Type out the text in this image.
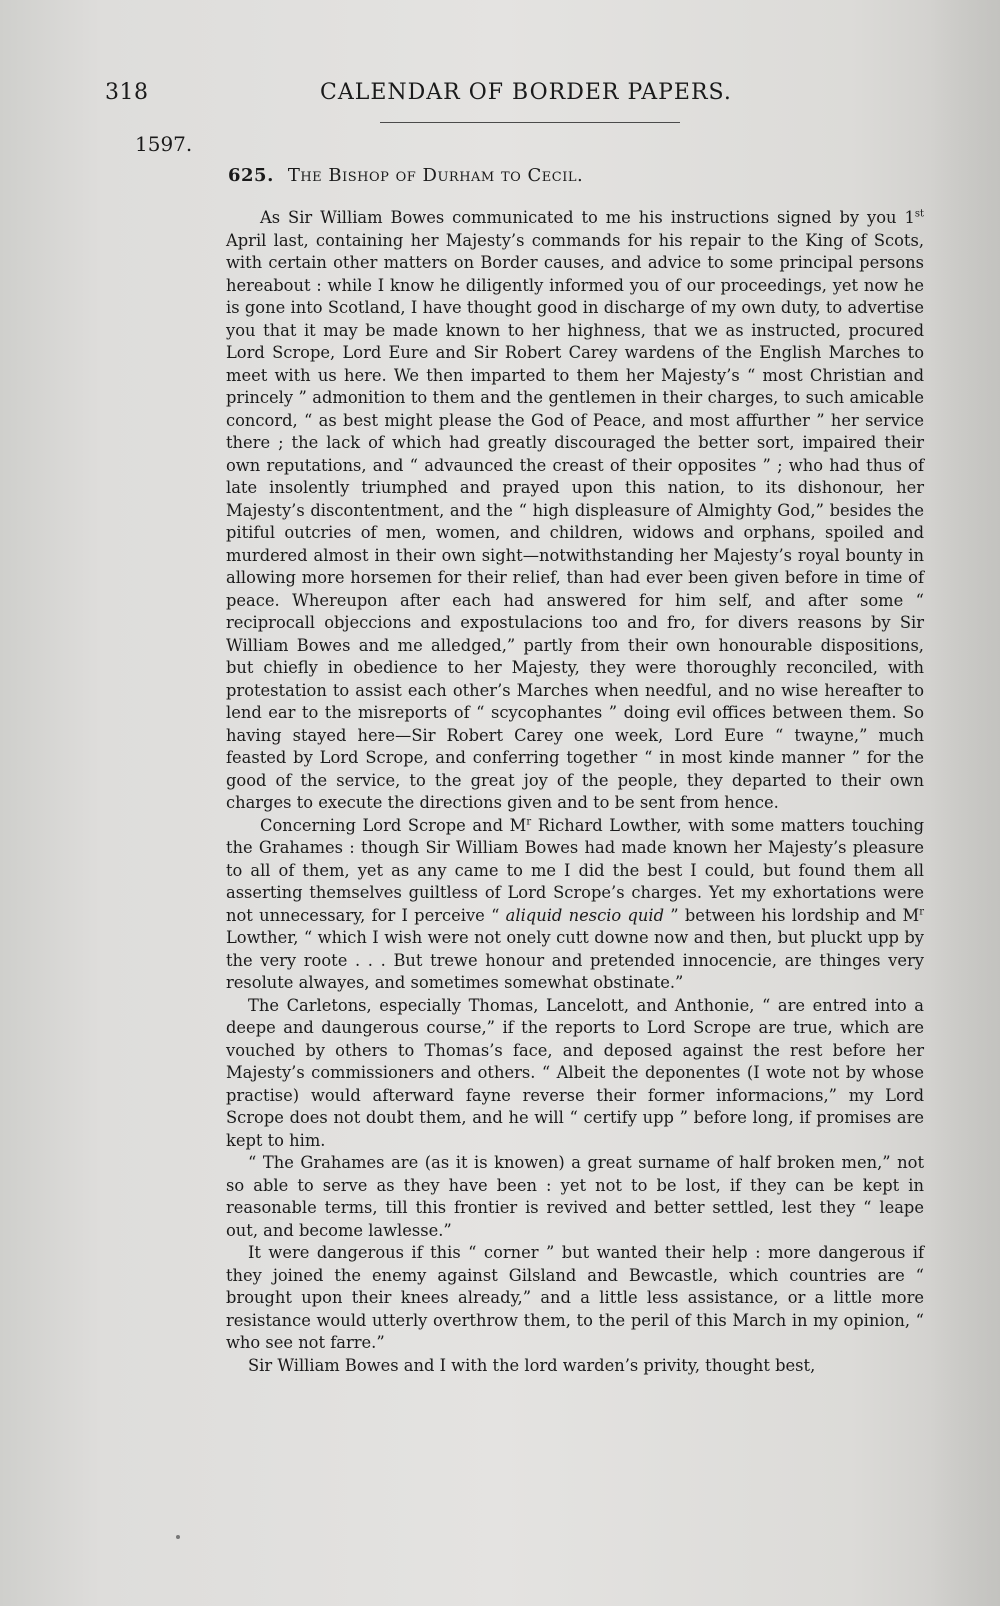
318	CALENDAR OF BORDER PAPERS.
1597.
625. The Bishop of Durham to Cecil.

As Sir William Bowes communicated to me his instructions signed by you 1st April last, containing her Majesty’s commands for his repair to the King of Scots, with certain other matters on Border causes, and advice to some principal persons hereabout : while I know he diligently informed you of our proceedings, yet now he is gone into Scotland, I have thought good in discharge of my own duty, to advertise you that it may be made known to her highness, that we as instructed, procured Lord Scrope, Lord Eure and Sir Robert Carey wardens of the English Marches to meet with us here. We then imparted to them her Majesty’s “ most Christian and princely ” admonition to them and the gentlemen in their charges, to such amicable concord, “ as best might please the God of Peace, and most affurther ” her service there ; the lack of which had greatly discouraged the better sort, impaired their own reputations, and “ advaunced the creast of their opposites ” ; who had thus of late insolently triumphed and prayed upon this nation, to its dishonour, her Majesty’s discontentment, and the “ high displeasure of Almighty God,” besides the pitiful outcries of men, women, and children, widows and orphans, spoiled and murdered almost in their own sight—notwithstanding her Majesty’s royal bounty in allowing more horsemen for their relief, than had ever been given before in time of peace. Whereupon after each had answered for him self, and after some “ reciprocall objeccions and expostulacions too and fro, for divers reasons by Sir William Bowes and me alledged,” partly from their own honourable dispositions, but chiefly in obedience to her Majesty, they were thoroughly reconciled, with protestation to assist each other’s Marches when needful, and no wise hereafter to lend ear to the misreports of “ scycophantes ” doing evil offices between them. So having stayed here—Sir Robert Carey one week, Lord Eure “ twayne,” much feasted by Lord Scrope, and conferring together “ in most kinde manner ” for the good of the service, to the great joy of the people, they departed to their own charges to execute the directions given and to be sent from hence.

Concerning Lord Scrope and $M^r$ Richard Lowther, with some matters touching the Grahames : though Sir William Bowes had made known her Majesty’s pleasure to all of them, yet as any came to me I did the best I could, but found them all asserting themselves guiltless of Lord Scrope’s charges. Yet my exhortations were not unnecessary, for I perceive “ aliquid nescio quid ” between his lordship and $M^r$ Lowther, “ which I wish were not onely cutt downe now and then, but pluckt upp by the very roote . . . But trewe honour and pretended innocencie, are thinges very resolute alwayes, and sometimes somewhat obstinate.”

The Carletons, especially Thomas, Lancelott, and Anthonie, “ are entred into a deepe and daungerous course,” if the reports to Lord Scrope are true, which are vouched by others to Thomas’s face, and deposed against the rest before her Majesty’s commissioners and others. “ Albeit the deponentes (I wote not by whose practise) would afterward fayne reverse their former informacions,” my Lord Scrope does not doubt them, and he will “ certify upp ” before long, if promises are kept to him.

“ The Grahames are (as it is knowen) a great surname of half broken men,” not so able to serve as they have been : yet not to be lost, if they can be kept in reasonable terms, till this frontier is revived and better settled, lest they “ leape out, and become lawlesse.”

It were dangerous if this “ corner ” but wanted their help : more dangerous if they joined the enemy against Gilsland and Bewcastle, which countries are “ brought upon their knees already,” and a little less assistance, or a little more resistance would utterly overthrow them, to the peril of this March in my opinion, “ who see not farre.”

Sir William Bowes and I with the lord warden’s privity, thought best,
